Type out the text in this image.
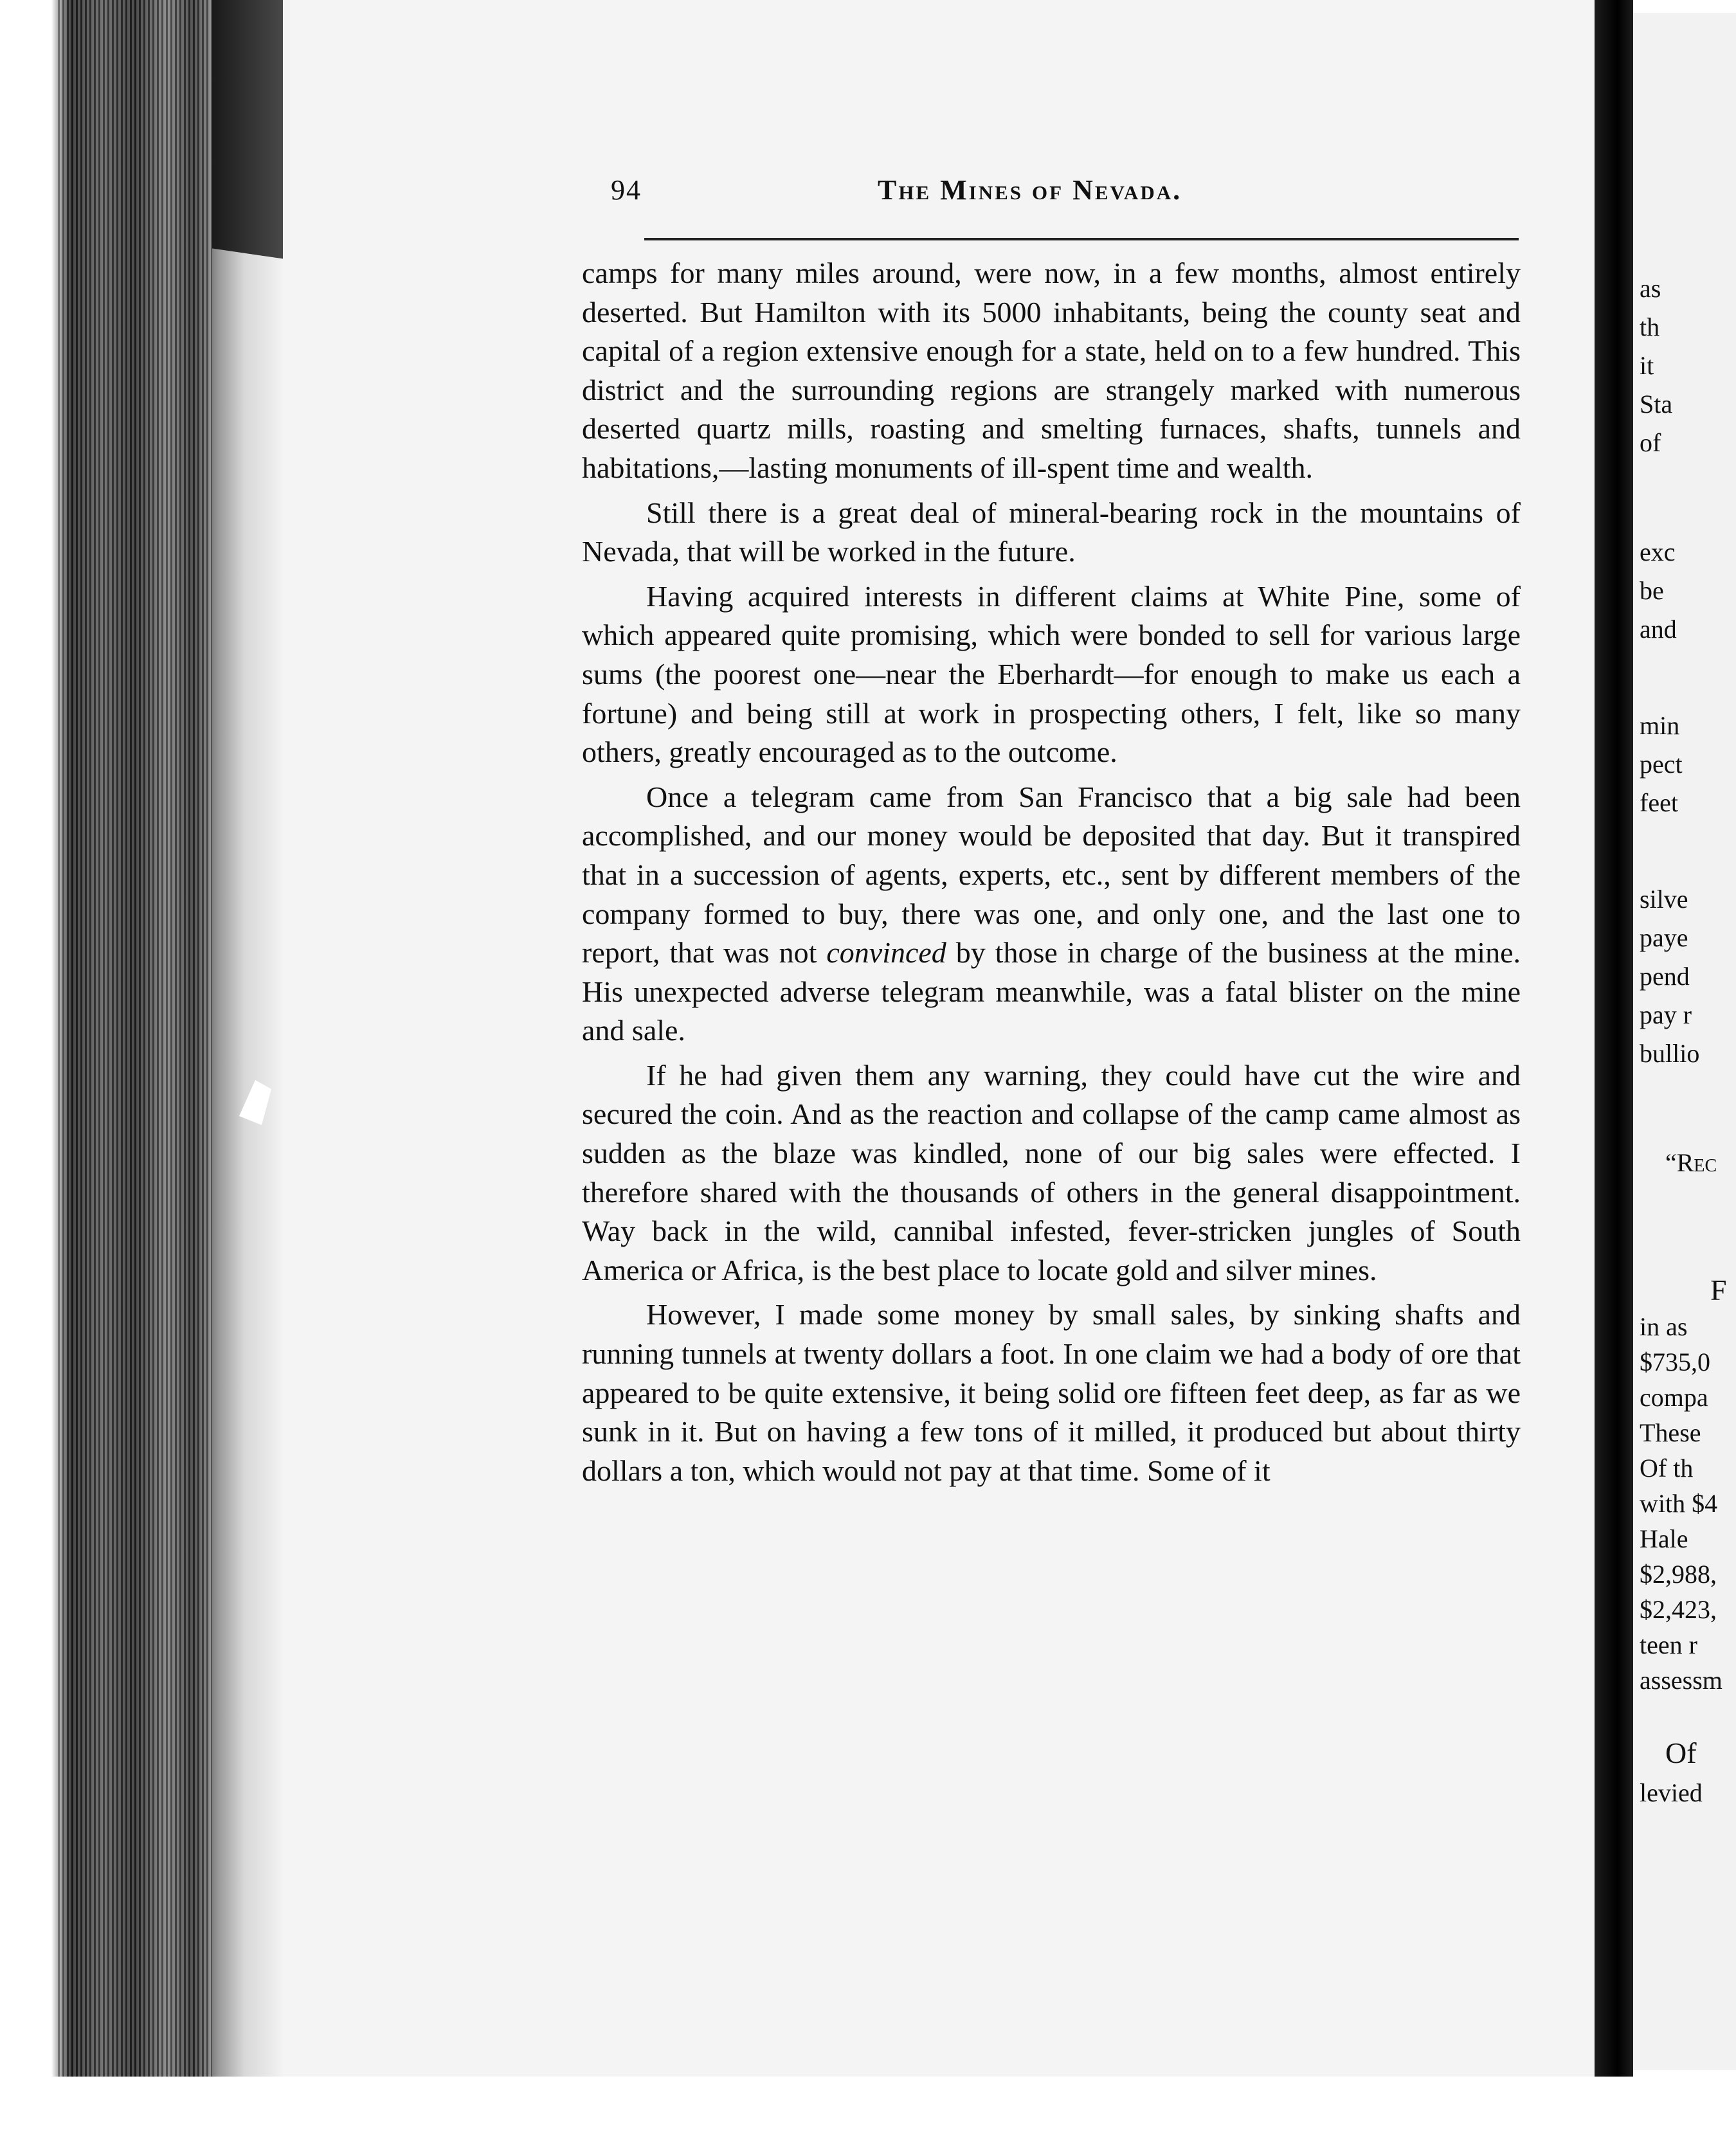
as
th
it
Sta
of
exc
be
and
min
pect
feet
silve
paye
pend
pay r
bullio
“Rec
F
in as
$735,0
compa
These
Of th
with $4
Hale
$2,988,
$2,423,
teen r
assessm
Of
levied
94	The Mines of Nevada.

camps for many miles around, were now, in a few months, almost entirely deserted. But Hamilton with its 5000 inhabitants, being the county seat and capital of a region extensive enough for a state, held on to a few hundred. This district and the surrounding regions are strangely marked with numerous deserted quartz mills, roasting and smelting furnaces, shafts, tunnels and habitations,—lasting monuments of ill-spent time and wealth.

Still there is a great deal of mineral-bearing rock in the mountains of Nevada, that will be worked in the future.

Having acquired interests in different claims at White Pine, some of which appeared quite promising, which were bonded to sell for various large sums (the poorest one—near the Eberhardt—for enough to make us each a fortune) and being still at work in prospecting others, I felt, like so many others, greatly encouraged as to the outcome.

Once a telegram came from San Francisco that a big sale had been accomplished, and our money would be deposited that day. But it transpired that in a succession of agents, experts, etc., sent by different members of the company formed to buy, there was one, and only one, and the last one to report, that was not convinced by those in charge of the business at the mine. His unexpected adverse telegram meanwhile, was a fatal blister on the mine and sale.

If he had given them any warning, they could have cut the wire and secured the coin. And as the reaction and collapse of the camp came almost as sudden as the blaze was kindled, none of our big sales were effected. I therefore shared with the thousands of others in the general disappointment. Way back in the wild, cannibal infested, fever-stricken jungles of South America or Africa, is the best place to locate gold and silver mines.

However, I made some money by small sales, by sinking shafts and running tunnels at twenty dollars a foot. In one claim we had a body of ore that appeared to be quite extensive, it being solid ore fifteen feet deep, as far as we sunk in it. But on having a few tons of it milled, it produced but about thirty dollars a ton, which would not pay at that time. Some of it
